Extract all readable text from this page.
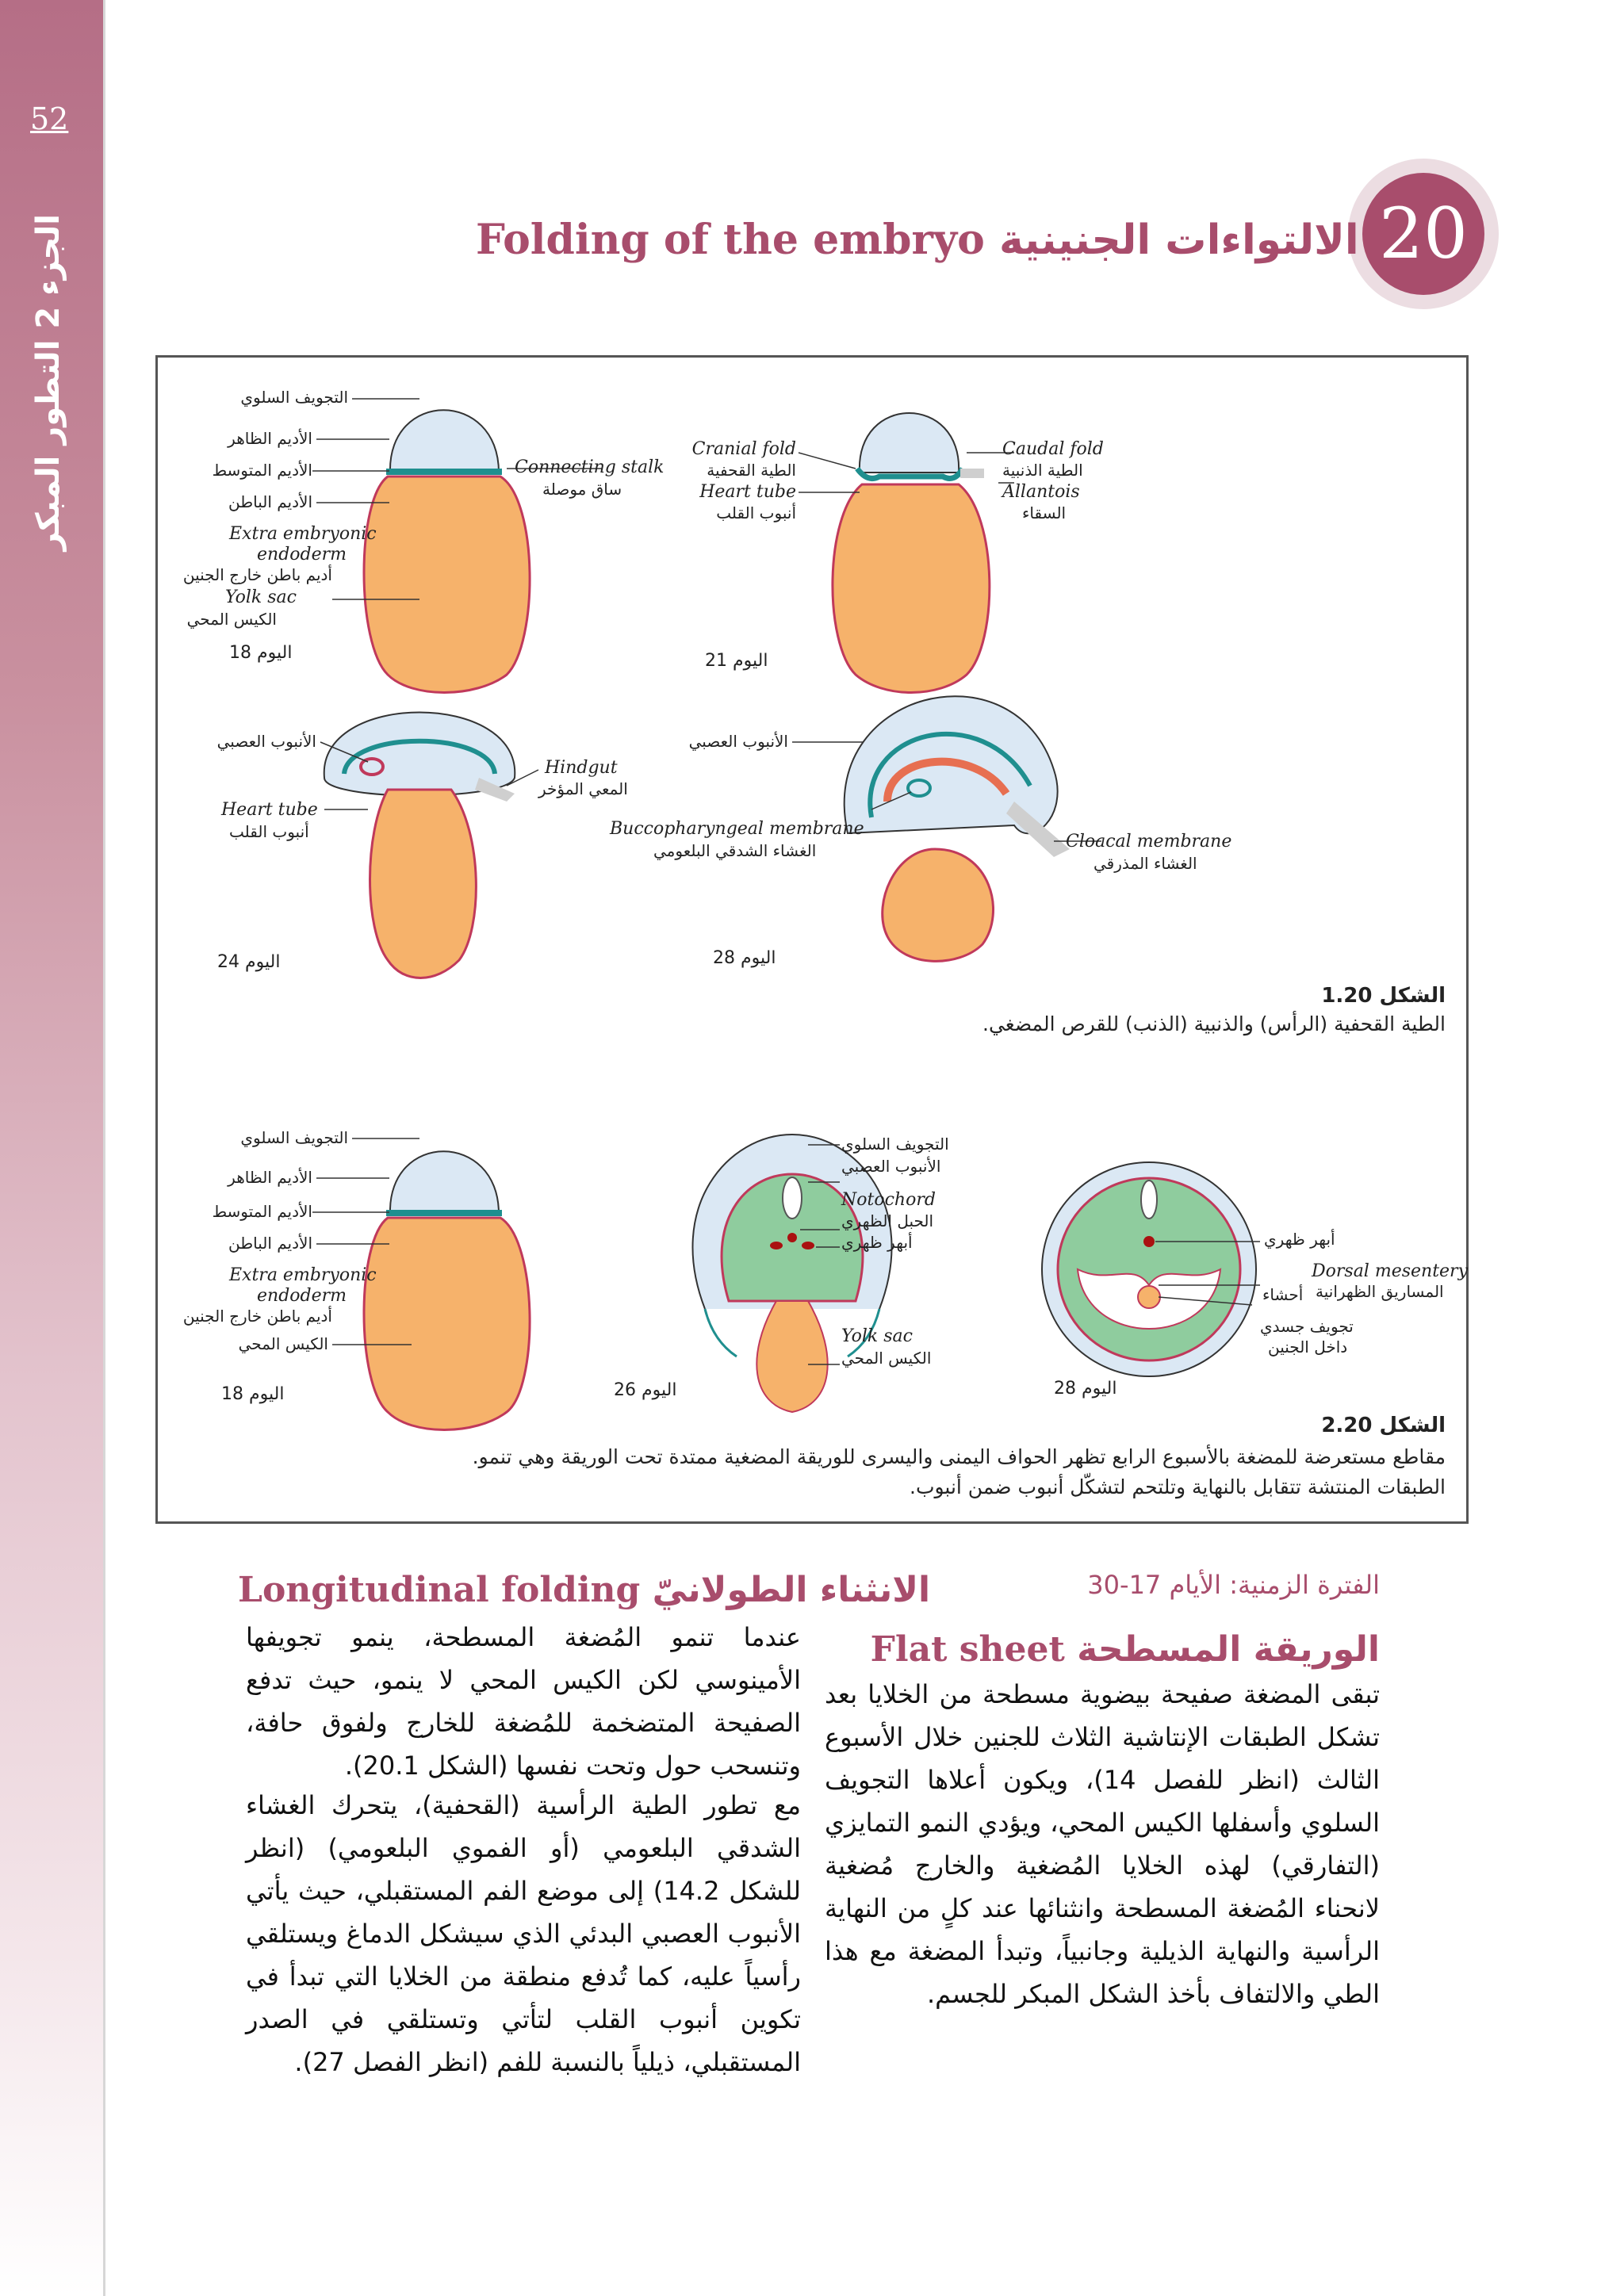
52
الجزء 2 التطور المبكر	20
Folding of the embryo الالتواءات الجنينية
التجويف السلوي
الأديم الظاهر
الأديم المتوسط
الأديم الباطن
Extra embryonic
endoderm
أديم باطن خارج الجنين
Yolk sac
الكيس المحي
Connecting stalk
ساق موصلة
اليوم 18
Cranial fold
الطية القحفية
Heart tube
أنبوب القلب
Caudal fold
الطية الذنبية
Allantois
السقاء
اليوم 21
الأنبوب العصبي
Heart tube
أنبوب القلب
Hindgut
المعي المؤخر
اليوم 24
الأنبوب العصبي
Buccopharyngeal membrane
الغشاء الشدقي البلعومي	Cloacal membrane
الغشاء المذرقي
اليوم 28
الشكل 1.20
الطية القحفية (الرأس) والذنبية (الذنب) للقرص المضغي.
التجويف السلوي
الأديم الظاهر
الأديم المتوسط
الأديم الباطن
Extra embryonic
endoderm
أديم باطن خارج الجنين
الكيس المحي
اليوم 18
التجويف السلوي
الأنبوب العصبي
Notochord
الحبل الظهري
أبهر ظهري
Yolk sac
الكيس المحي
اليوم 26
أبهر ظهري
Dorsal mesentery
المساريق الظهرانية
أحشاء
تجويف جسدي
داخل الجنين
اليوم 28
الشكل 2.20
مقاطع مستعرضة للمضغة بالأسبوع الرابع تظهر الحواف اليمنى واليسرى للوريقة المضغية ممتدة تحت الوريقة وهي تنمو.
الطبقات المنتشة تتقابل بالنهاية وتلتحم لتشكّل أنبوب ضمن أنبوب.
الفترة الزمنية: الأيام 17-30
Flat sheet الوريقة المسطحة
تبقى المضغة صفيحة بيضوية مسطحة من الخلايا بعد تشكل الطبقات الإنتاشية الثلاث للجنين خلال الأسبوع الثالث (انظر للفصل 14)، ويكون أعلاها التجويف السلوي وأسفلها الكيس المحي، ويؤدي النمو التمايزي (التفارقي) لهذه الخلايا المُضغية والخارج مُضغية لانحناء المُضغة المسطحة وانثنائها عند كلٍ من النهاية الرأسية والنهاية الذيلية وجانبياً، وتبدأ المضغة مع هذا الطي والالتفاف بأخذ الشكل المبكر للجسم.
Longitudinal folding الانثناء الطولانيّ
عندما تنمو المُضغة المسطحة، ينمو تجويفها الأمينوسي لكن الكيس المحي لا ينمو، حيث تدفع الصفيحة المتضخمة للمُضغة للخارج ولفوق حافة، وتنسحب حول وتحت نفسها (الشكل 20.1).
مع تطور الطية الرأسية (القحفية)، يتحرك الغشاء الشدقي البلعومي (أو الفموي البلعومي) (انظر للشكل 14.2) إلى موضع الفم المستقبلي، حيث يأتي الأنبوب العصبي البدئي الذي سيشكل الدماغ ويستلقي رأسياً عليه، كما تُدفع منطقة من الخلايا التي تبدأ في تكوين أنبوب القلب لتأتي وتستلقي في الصدر المستقبلي، ذيلياً بالنسبة للفم (انظر الفصل 27).
